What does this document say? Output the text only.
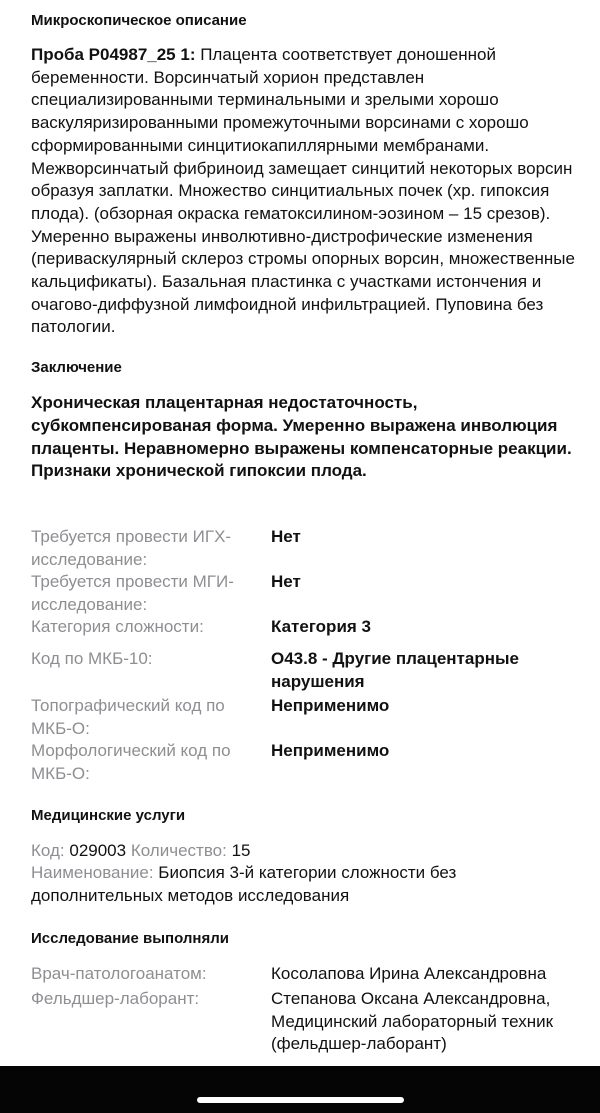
Микроскопическое описание
Проба P04987_25 1: Плацента соответствует доношенной беременности. Ворсинчатый хорион представлен специализированными терминальными и зрелыми хорошо васкуляризированными промежуточными ворсинами с хорошо сформированными синцитиокапиллярными мембранами. Межворсинчатый фибриноид замещает синцитий некоторых ворсин образуя заплатки. Множество синцитиальных почек (хр. гипоксия плода). (обзорная окраска гематоксилином-эозином – 15 срезов). Умеренно выражены инволютивно-дистрофические изменения (периваскулярный склероз стромы опорных ворсин, множественные кальцификаты). Базальная пластинка с участками истончения и очагово-диффузной лимфоидной инфильтрацией. Пуповина без патологии.
Заключение
Хроническая плацентарная недостаточность, субкомпенсированая форма. Умеренно выражена инволюция плаценты. Неравномерно выражены компенсаторные реакции. Признаки хронической гипоксии плода.
Требуется провести ИГХ-исследование:
Нет
Требуется провести МГИ-исследование:
Нет
Категория сложности:	Категория 3
Код по МКБ-10:	O43.8 - Другие плацентарные нарушения
Топографический код по МКБ-О:
Неприменимо
Морфологический код по МКБ-О:
Неприменимо
Медицинские услуги
Код: 029003 Количество: 15
Наименование: Биопсия 3-й категории сложности без дополнительных методов исследования
Исследование выполняли
Врач-патологоанатом:	Косолапова Ирина Александровна
Фельдшер-лаборант:	Степанова Оксана Александровна, Медицинский лабораторный техник (фельдшер-лаборант)
